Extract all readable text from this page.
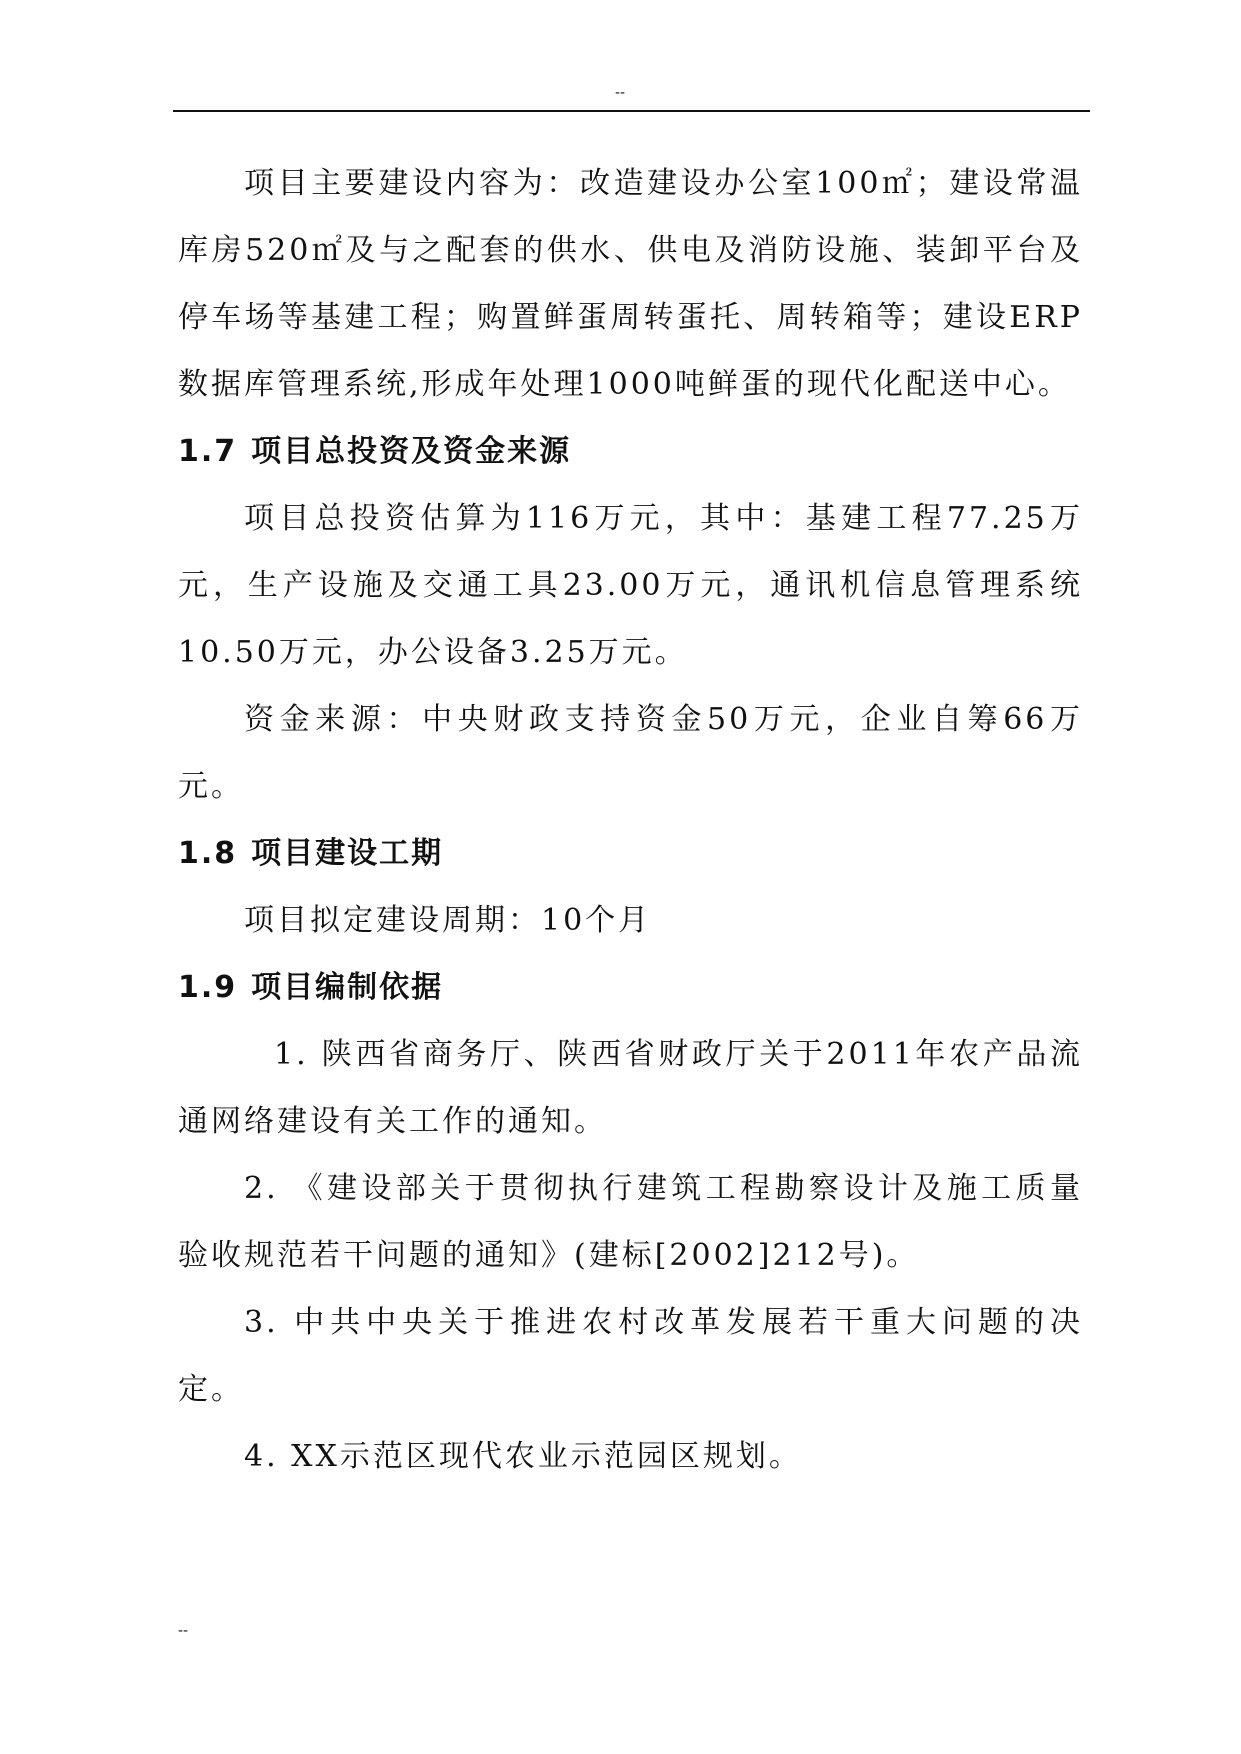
--

项目主要建设内容为：改造建设办公室100㎡；建设常温库房520㎡及与之配套的供水、供电及消防设施、装卸平台及停车场等基建工程；购置鲜蛋周转蛋托、周转箱等；建设ERP数据库管理系统,形成年处理1000吨鲜蛋的现代化配送中心。

1.7 项目总投资及资金来源

项目总投资估算为116万元，其中：基建工程77.25万元，生产设施及交通工具23.00万元，通讯机信息管理系统10.50万元，办公设备3.25万元。

资金来源：中央财政支持资金50万元，企业自筹66万元。

1.8 项目建设工期

项目拟定建设周期：10个月

1.9 项目编制依据

1. 陕西省商务厅、陕西省财政厅关于2011年农产品流通网络建设有关工作的通知。

2. 《建设部关于贯彻执行建筑工程勘察设计及施工质量验收规范若干问题的通知》(建标[2002]212号)。

3. 中共中央关于推进农村改革发展若干重大问题的决定。

4. XX示范区现代农业示范园区规划。

--
